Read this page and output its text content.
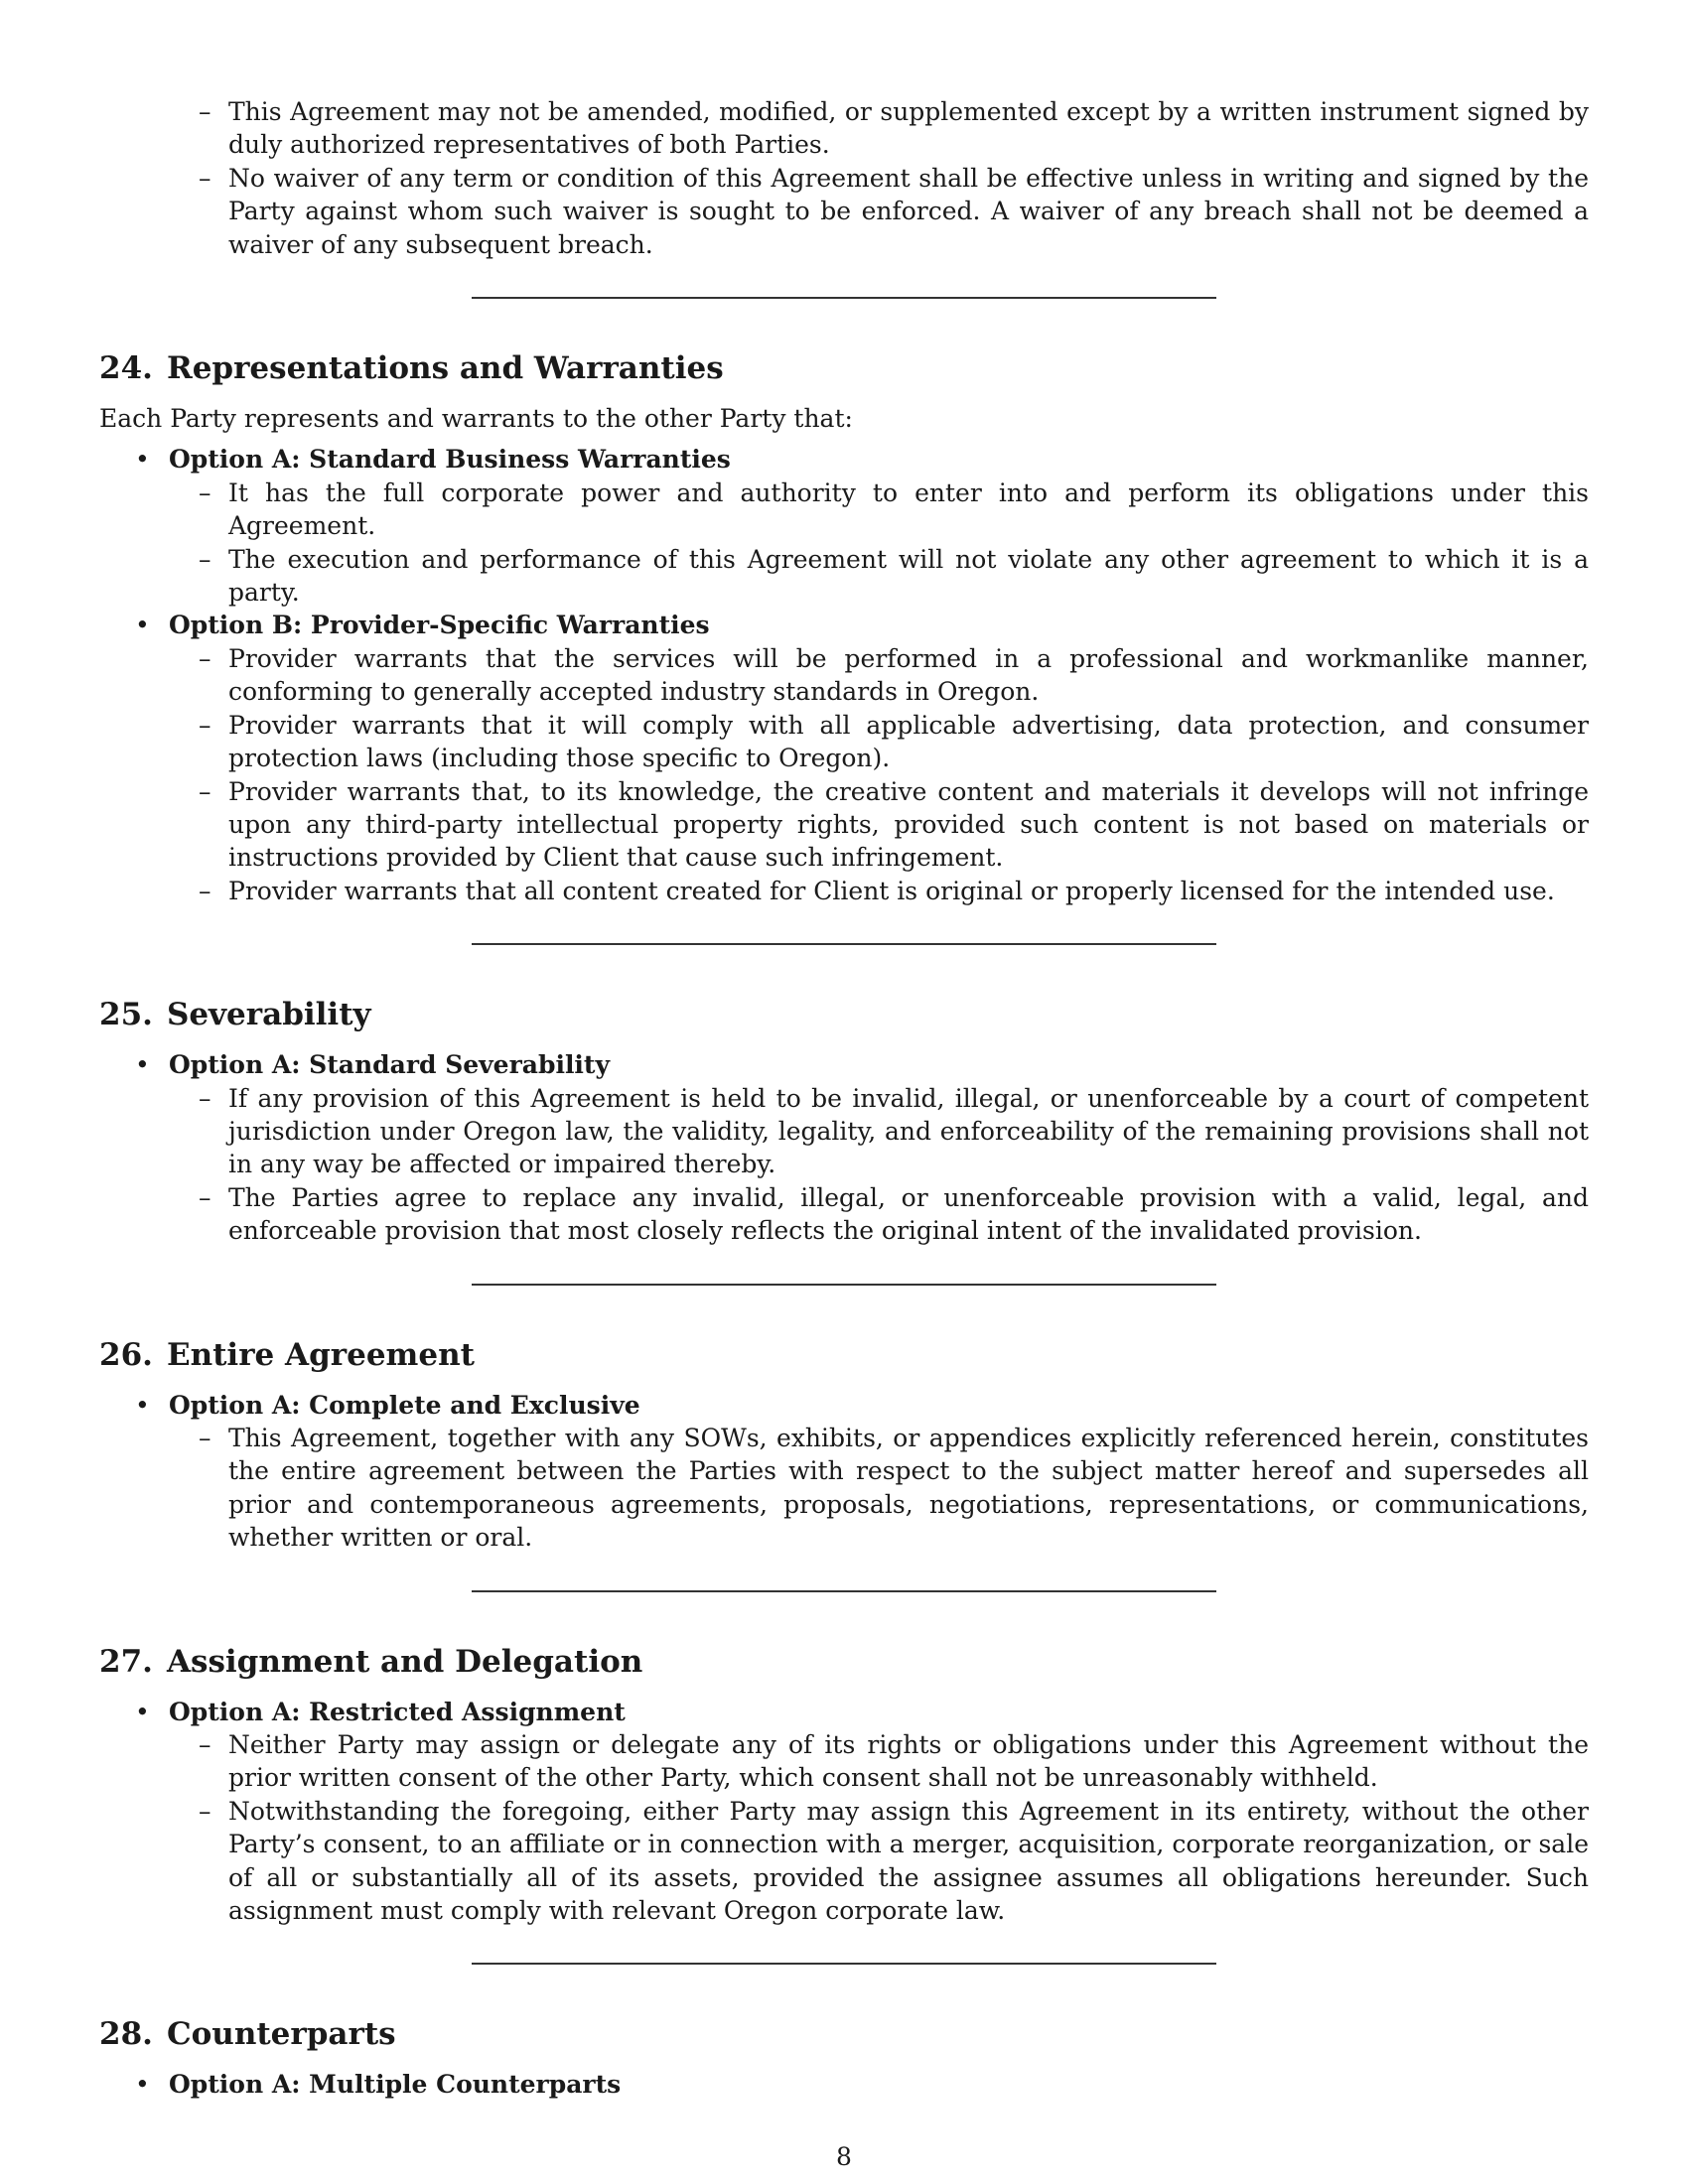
– This Agreement may not be amended, modified, or supplemented except by a written instrument signed by duly authorized representatives of both Parties.
– No waiver of any term or condition of this Agreement shall be effective unless in writing and signed by the Party against whom such waiver is sought to be enforced. A waiver of any breach shall not be deemed a waiver of any subsequent breach.
24. Representations and Warranties
Each Party represents and warrants to the other Party that:
• Option A: Standard Business Warranties
– It has the full corporate power and authority to enter into and perform its obligations under this Agreement.
– The execution and performance of this Agreement will not violate any other agreement to which it is a party.
• Option B: Provider-Specific Warranties
– Provider warrants that the services will be performed in a professional and workmanlike manner, conforming to generally accepted industry standards in Oregon.
– Provider warrants that it will comply with all applicable advertising, data protection, and consumer protection laws (including those specific to Oregon).
– Provider warrants that, to its knowledge, the creative content and materials it develops will not infringe upon any third-party intellectual property rights, provided such content is not based on materials or instructions provided by Client that cause such infringement.
– Provider warrants that all content created for Client is original or properly licensed for the intended use.
25. Severability
• Option A: Standard Severability
– If any provision of this Agreement is held to be invalid, illegal, or unenforceable by a court of competent jurisdiction under Oregon law, the validity, legality, and enforceability of the remaining provisions shall not in any way be affected or impaired thereby.
– The Parties agree to replace any invalid, illegal, or unenforceable provision with a valid, legal, and enforceable provision that most closely reflects the original intent of the invalidated provision.
26. Entire Agreement
• Option A: Complete and Exclusive
– This Agreement, together with any SOWs, exhibits, or appendices explicitly referenced herein, constitutes the entire agreement between the Parties with respect to the subject matter hereof and supersedes all prior and contemporaneous agreements, proposals, negotiations, representations, or communications, whether written or oral.
27. Assignment and Delegation
• Option A: Restricted Assignment
– Neither Party may assign or delegate any of its rights or obligations under this Agreement without the prior written consent of the other Party, which consent shall not be unreasonably withheld.
– Notwithstanding the foregoing, either Party may assign this Agreement in its entirety, without the other Party’s consent, to an affiliate or in connection with a merger, acquisition, corporate reorganization, or sale of all or substantially all of its assets, provided the assignee assumes all obligations hereunder. Such assignment must comply with relevant Oregon corporate law.
28. Counterparts
• Option A: Multiple Counterparts
8
